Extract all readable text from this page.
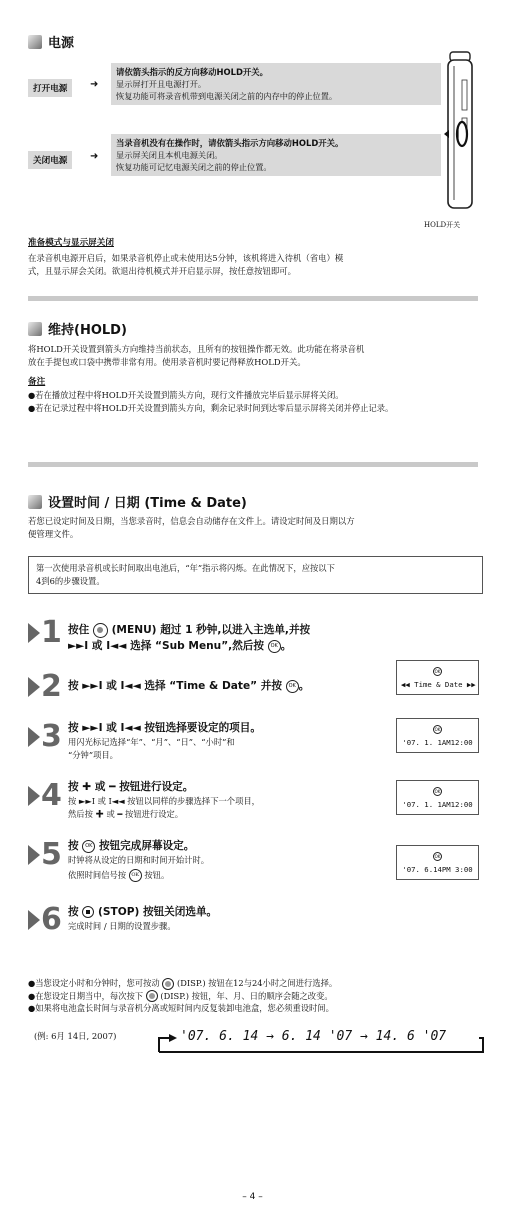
电源
打开电源	➜
请依箭头指示的反方向移动HOLD开关。
显示屏打开且电源打开。
恢复功能可将录音机带到电源关闭之前的内存中的停止位置。
关闭电源	➜
当录音机没有在操作时，请依箭头指示方向移动HOLD开关。
显示屏关闭且本机电源关闭。
恢复功能可记忆电源关闭之前的停止位置。
HOLD开关
准备模式与显示屏关闭
在录音机电源开启后，如果录音机停止或未使用达5分钟，该机将进入待机（省电）模
式，且显示屏会关闭。欲退出待机模式并开启显示屏，按任意按钮即可。
维持(HOLD)
将HOLD开关设置到箭头方向维持当前状态，且所有的按钮操作都无效。此功能在将录音机
放在手提包或口袋中携带非常有用。使用录音机时要记得释放HOLD开关。
备注
●若在播放过程中将HOLD开关设置到箭头方向，现行文件播放完毕后显示屏将关闭。
●若在记录过程中将HOLD开关设置到箭头方向，剩余记录时间到达零后显示屏将关闭并停止记录。
设置时间 / 日期 (Time & Date)
若您已设定时间及日期，当您录音时，信息会自动储存在文件上。请设定时间及日期以方
便管理文件。
第一次使用录音机或长时间取出电池后，“年”指示将闪烁。在此情况下，应按以下
4到6的步骤设置。
1 按住 (MENU) 超过 1 秒钟,以进入主选单,并按
►►I 或 I◄◄ 选择 “Sub Menu”,然后按 OK 。
OK
◀◀ Time & Date ▶▶
2 按 ►►I 或 I◄◄ 选择 “Time & Date” 并按 OK 。
3 按 ►►I 或 I◄◄ 按钮选择要设定的项目。
用闪光标记选择“年”、“月”、“日”、“小时”和
“分钟”项目。
OK
'07. 1. 1AM12:00
4 按 ✚ 或 ━ 按钮进行设定。
按 ►►I 或 I◄◄ 按钮以同样的步骤选择下一个项目，
然后按 ✚ 或 ━ 按钮进行设定。
OK
'07. 1. 1AM12:00
5 按 OK 按钮完成屏幕设定。
时钟将从设定的日期和时间开始计时。
依照时间信号按 OK 按钮。
OK
'07. 6.14PM 3:00
6 按 (STOP) 按钮关闭选单。
完成时间 / 日期的设置步骤。
●当您设定小时和分钟时，您可按动 (DISP.) 按钮在12与24小时之间进行选择。
●在您设定日期当中，每次按下 (DISP.) 按钮，年、月、日的顺序会随之改变。
●如果将电池盒长时间与录音机分离或短时间内反复装卸电池盒，您必须重设时间。
(例: 6月 14日, 2007)	'07. 6. 14 → 6. 14 '07 → 14. 6 '07
– 4 –
